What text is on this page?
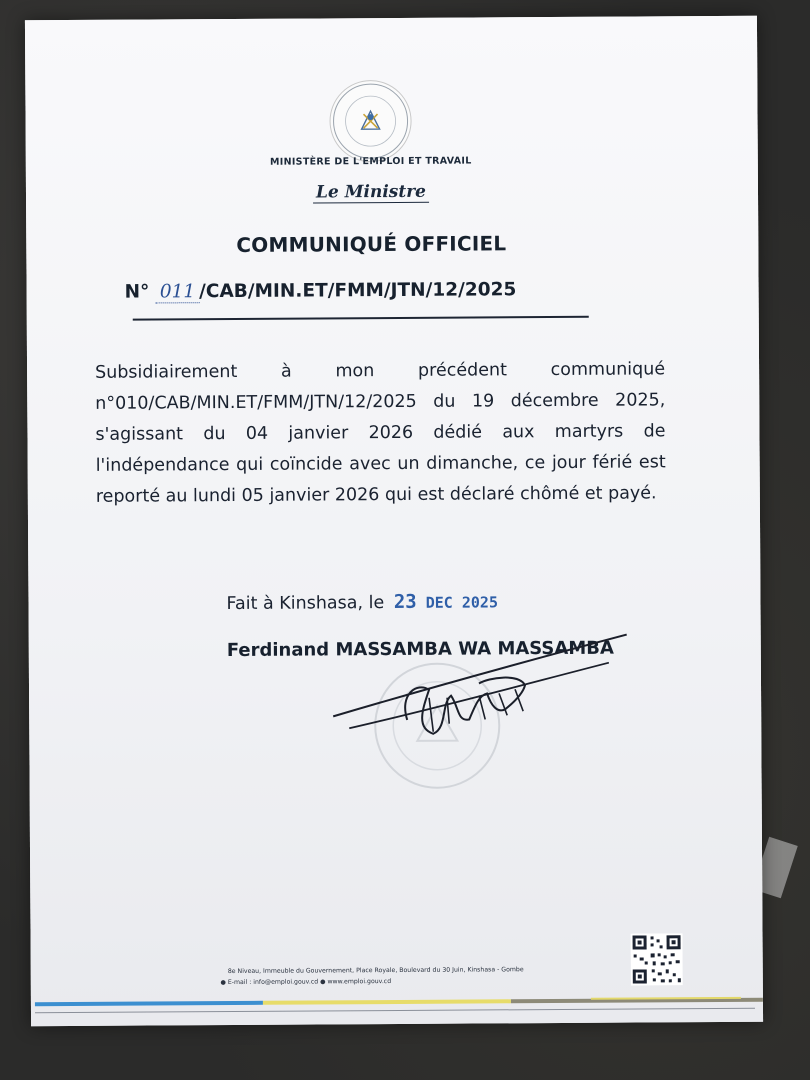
MINISTÈRE DE L'EMPLOI ET TRAVAIL
Le Ministre
COMMUNIQUÉ OFFICIEL
N° 011 /CAB/MIN.ET/FMM/JTN/12/2025
Subsidiairement à mon précédent communiqué n°010/CAB/MIN.ET/FMM/JTN/12/2025 du 19 décembre 2025, s'agissant du 04 janvier 2026 dédié aux martyrs de l'indépendance qui coïncide avec un dimanche, ce jour férié est reporté au lundi 05 janvier 2026 qui est déclaré chômé et payé.
Fait à Kinshasa, le 23 DEC 2025
Ferdinand MASSAMBA WA MASSAMBA
8e Niveau, Immeuble du Gouvernement, Place Royale, Boulevard du 30 Juin, Kinshasa - Gombe
● E-mail : info@emploi.gouv.cd ● www.emploi.gouv.cd
